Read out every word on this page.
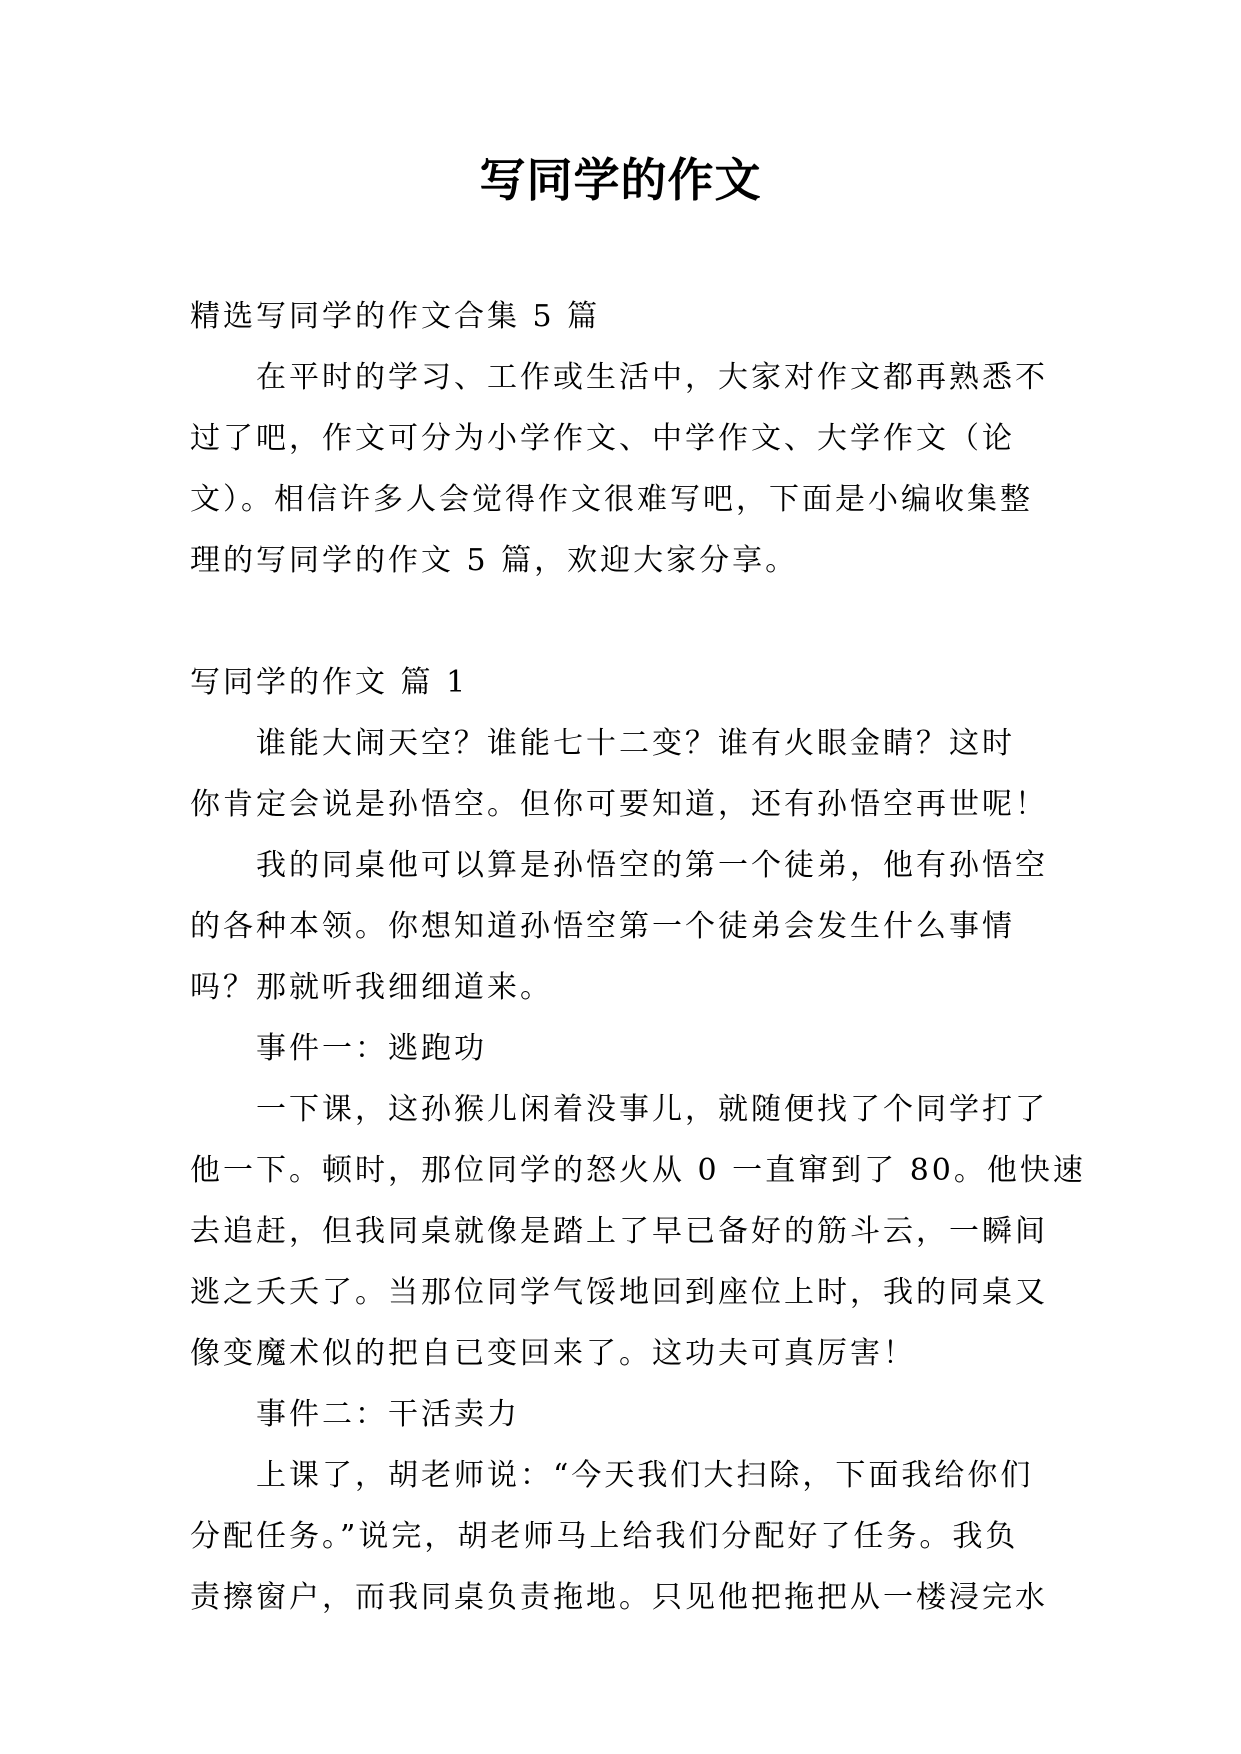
写同学的作文
精选写同学的作文合集 5 篇
在平时的学习、工作或生活中，大家对作文都再熟悉不
过了吧，作文可分为小学作文、中学作文、大学作文（论
文）。相信许多人会觉得作文很难写吧，下面是小编收集整
理的写同学的作文 5 篇，欢迎大家分享。
写同学的作文 篇 1
谁能大闹天空？谁能七十二变？谁有火眼金睛？这时
你肯定会说是孙悟空。但你可要知道，还有孙悟空再世呢！
我的同桌他可以算是孙悟空的第一个徒弟，他有孙悟空
的各种本领。你想知道孙悟空第一个徒弟会发生什么事情
吗？那就听我细细道来。
事件一：逃跑功
一下课，这孙猴儿闲着没事儿，就随便找了个同学打了
他一下。顿时，那位同学的怒火从 0 一直窜到了 80。他快速
去追赶，但我同桌就像是踏上了早已备好的筋斗云，一瞬间
逃之夭夭了。当那位同学气馁地回到座位上时，我的同桌又
像变魔术似的把自已变回来了。这功夫可真厉害！
事件二：干活卖力
上课了，胡老师说：“今天我们大扫除，下面我给你们
分配任务。”说完，胡老师马上给我们分配好了任务。我负
责擦窗户，而我同桌负责拖地。只见他把拖把从一楼浸完水
